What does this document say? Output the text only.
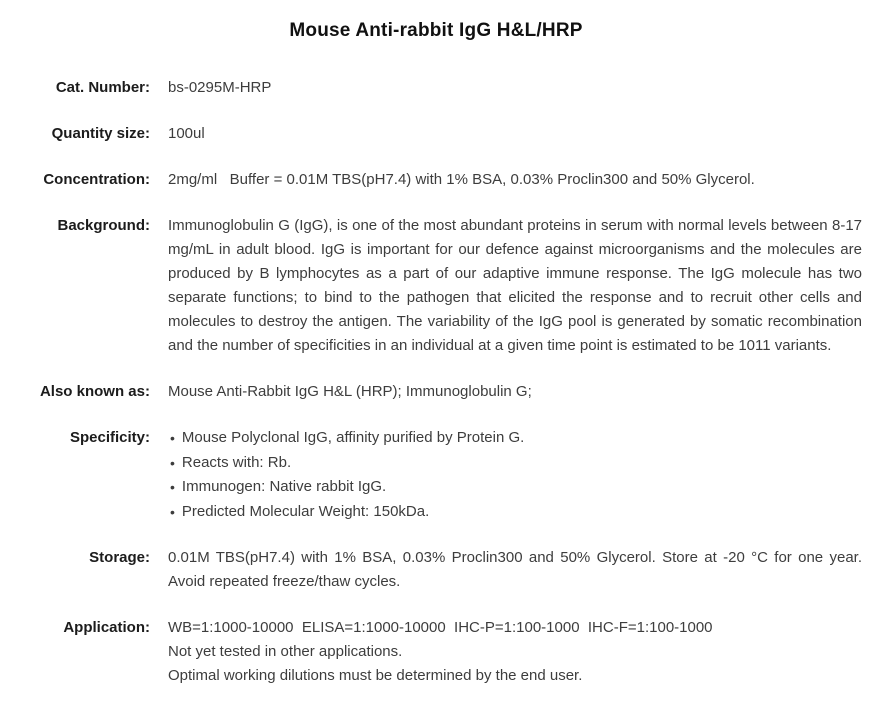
Mouse Anti-rabbit IgG H&L/HRP
Cat. Number: bs-0295M-HRP
Quantity size: 100ul
Concentration: 2mg/ml   Buffer = 0.01M TBS(pH7.4) with 1% BSA, 0.03% Proclin300 and 50% Glycerol.
Background: Immunoglobulin G (IgG), is one of the most abundant proteins in serum with normal levels between 8-17 mg/mL in adult blood. IgG is important for our defence against microorganisms and the molecules are produced by B lymphocytes as a part of our adaptive immune response. The IgG molecule has two separate functions; to bind to the pathogen that elicited the response and to recruit other cells and molecules to destroy the antigen. The variability of the IgG pool is generated by somatic recombination and the number of specificities in an individual at a given time point is estimated to be 1011 variants.
Also known as: Mouse Anti-Rabbit IgG H&L (HRP); Immunoglobulin G;
Specificity: • Mouse Polyclonal IgG, affinity purified by Protein G.
• Reacts with: Rb.
• Immunogen: Native rabbit IgG.
• Predicted Molecular Weight: 150kDa.
Storage: 0.01M TBS(pH7.4) with 1% BSA, 0.03% Proclin300 and 50% Glycerol. Store at -20 °C for one year. Avoid repeated freeze/thaw cycles.
Application: WB=1:1000-10000  ELISA=1:1000-10000  IHC-P=1:100-1000  IHC-F=1:100-1000
Not yet tested in other applications.
Optimal working dilutions must be determined by the end user.
